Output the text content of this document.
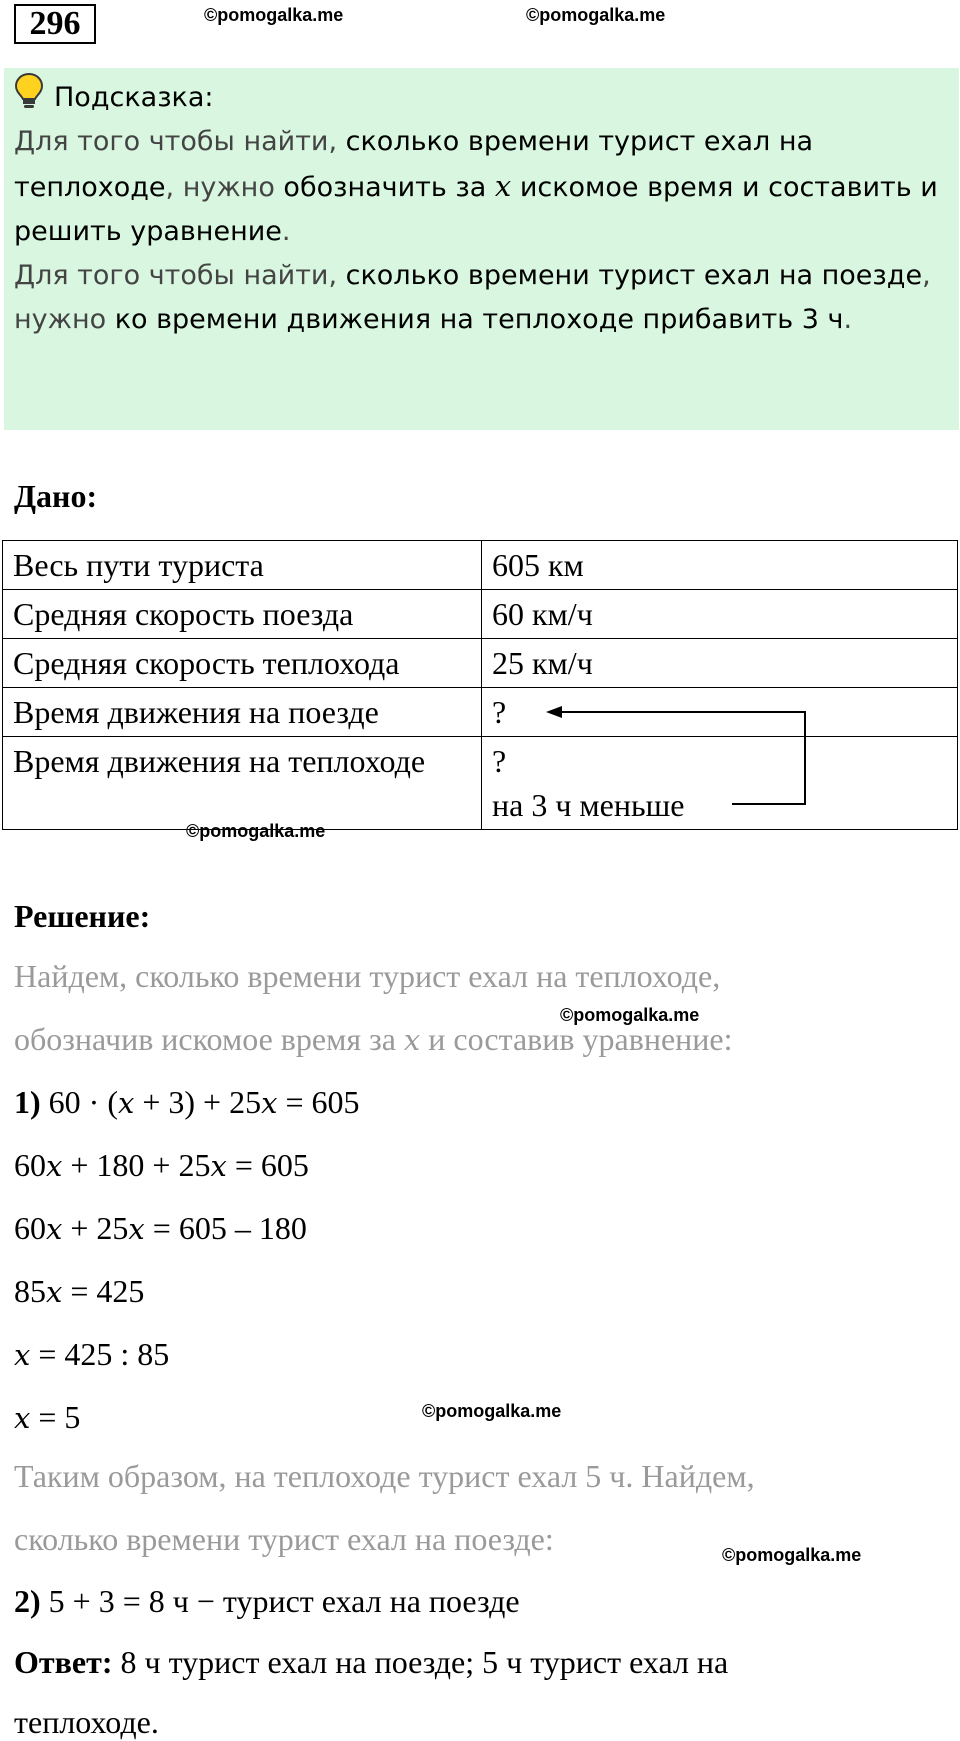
296	©pomogalka.me	©pomogalka.me
Подсказка:

Для того чтобы найти, сколько времени турист ехал на теплоходе, нужно обозначить за x искомое время и составить и решить уравнение.

Для того чтобы найти, сколько времени турист ехал на поезде, нужно ко времени движения на теплоходе прибавить 3 ч.

Дано:
Весь пути туриста	605 км
Средняя скорость поезда	60 км/ч
Средняя скорость теплохода	25 км/ч
Время движения на поезде	?
Время движения на теплоходе	?
на 3 ч меньше
©pomogalka.me
Решение:
Найдем, сколько времени турист ехал на теплоходе,
©pomogalka.me
обозначив искомое время за x и составив уравнение:
1) 60 · (x + 3) + 25x = 605
60x + 180 + 25x = 605
60x + 25x = 605 – 180
85x = 425
x = 425 : 85
x = 5	©pomogalka.me
Таким образом, на теплоходе турист ехал 5 ч. Найдем,
сколько времени турист ехал на поезде:	©pomogalka.me
2) 5 + 3 = 8 ч − турист ехал на поезде
Ответ: 8 ч турист ехал на поезде; 5 ч турист ехал на
теплоходе.
